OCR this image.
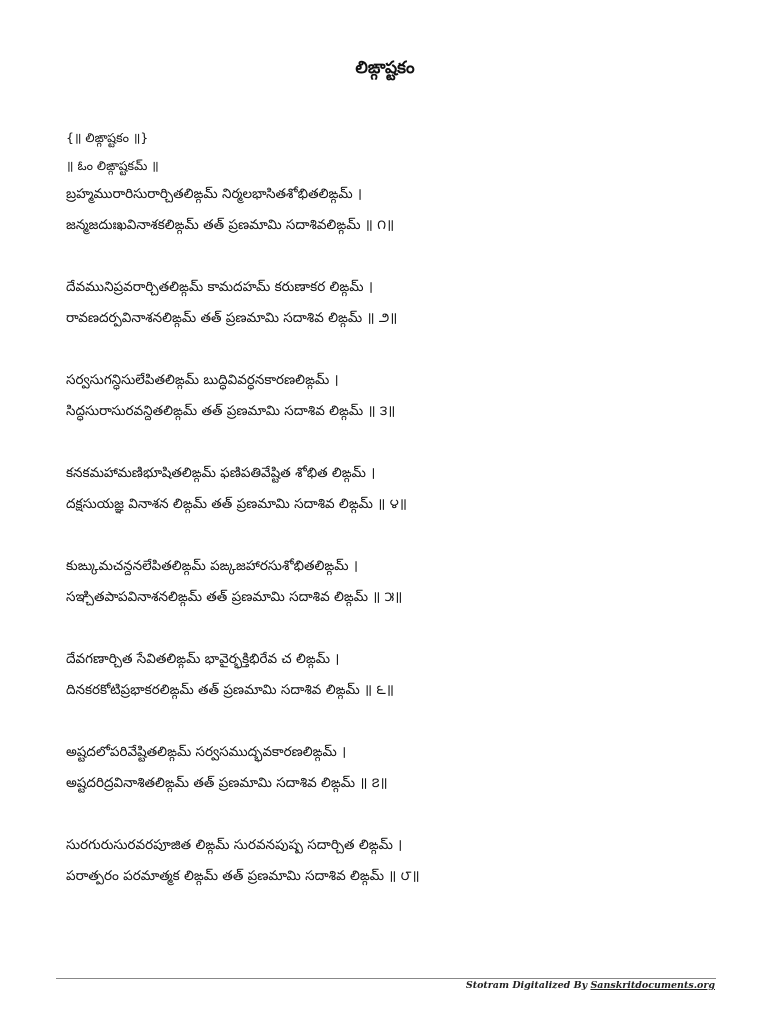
లిఙ్గాష్టకం
{॥ లిఙ్గాష్టకం ॥}
॥ ఓం లిఙ్గాష్టకమ్ ॥
బ్రహ్మమురారిసురార్చితలిఙ్గమ్ నిర్మలభాసితశోభితలిఙ్గమ్ ।
జన్మజదుఃఖవినాశకలిఙ్గమ్ తత్ ప్రణమామి సదాశివలిఙ్గమ్ ॥ ౧॥
దేవమునిప్రవరార్చితలిఙ్గమ్ కామదహమ్ కరుణాకర లిఙ్గమ్ ।
రావణదర్పవినాశనలిఙ్గమ్ తత్ ప్రణమామి సదాశివ లిఙ్గమ్ ॥ ౨॥
సర్వసుగన్ధిసులేపితలిఙ్గమ్ బుద్ధివివర్ధనకారణలిఙ్గమ్ ।
సిద్ధసురాసురవన్దితలిఙ్గమ్ తత్ ప్రణమామి సదాశివ లిఙ్గమ్ ॥ ౩॥
కనకమహామణిభూషితలిఙ్గమ్ ఫణిపతివేష్టిత శోభిత లిఙ్గమ్ ।
దక్షసుయజ్ఞ వినాశన లిఙ్గమ్ తత్ ప్రణమామి సదాశివ లిఙ్గమ్ ॥ ౪॥
కుఙ్కుమచన్దనలేపితలిఙ్గమ్ పఙ్కజహారసుశోభితలిఙ్గమ్ ।
సఞ్చితపాపవినాశనలిఙ్గమ్ తత్ ప్రణమామి సదాశివ లిఙ్గమ్ ॥ ౫॥
దేవగణార్చిత సేవితలిఙ్గమ్ భావైర్భక్తిభిరేవ చ లిఙ్గమ్ ।
దినకరకోటిప్రభాకరలిఙ్గమ్ తత్ ప్రణమామి సదాశివ లిఙ్గమ్ ॥ ౬॥
అష్టదలోపరివేష్టితలిఙ్గమ్ సర్వసముద్భవకారణలిఙ్గమ్ ।
అష్టదరిద్రవినాశితలిఙ్గమ్ తత్ ప్రణమామి సదాశివ లిఙ్గమ్ ॥ ౭॥
సురగురుసురవరపూజిత లిఙ్గమ్ సురవనపుష్ప సదార్చిత లిఙ్గమ్ ।
పరాత్పరం పరమాత్మక లిఙ్గమ్ తత్ ప్రణమామి సదాశివ లిఙ్గమ్ ॥ ౮॥
Stotram Digitalized By Sanskritdocuments.org
